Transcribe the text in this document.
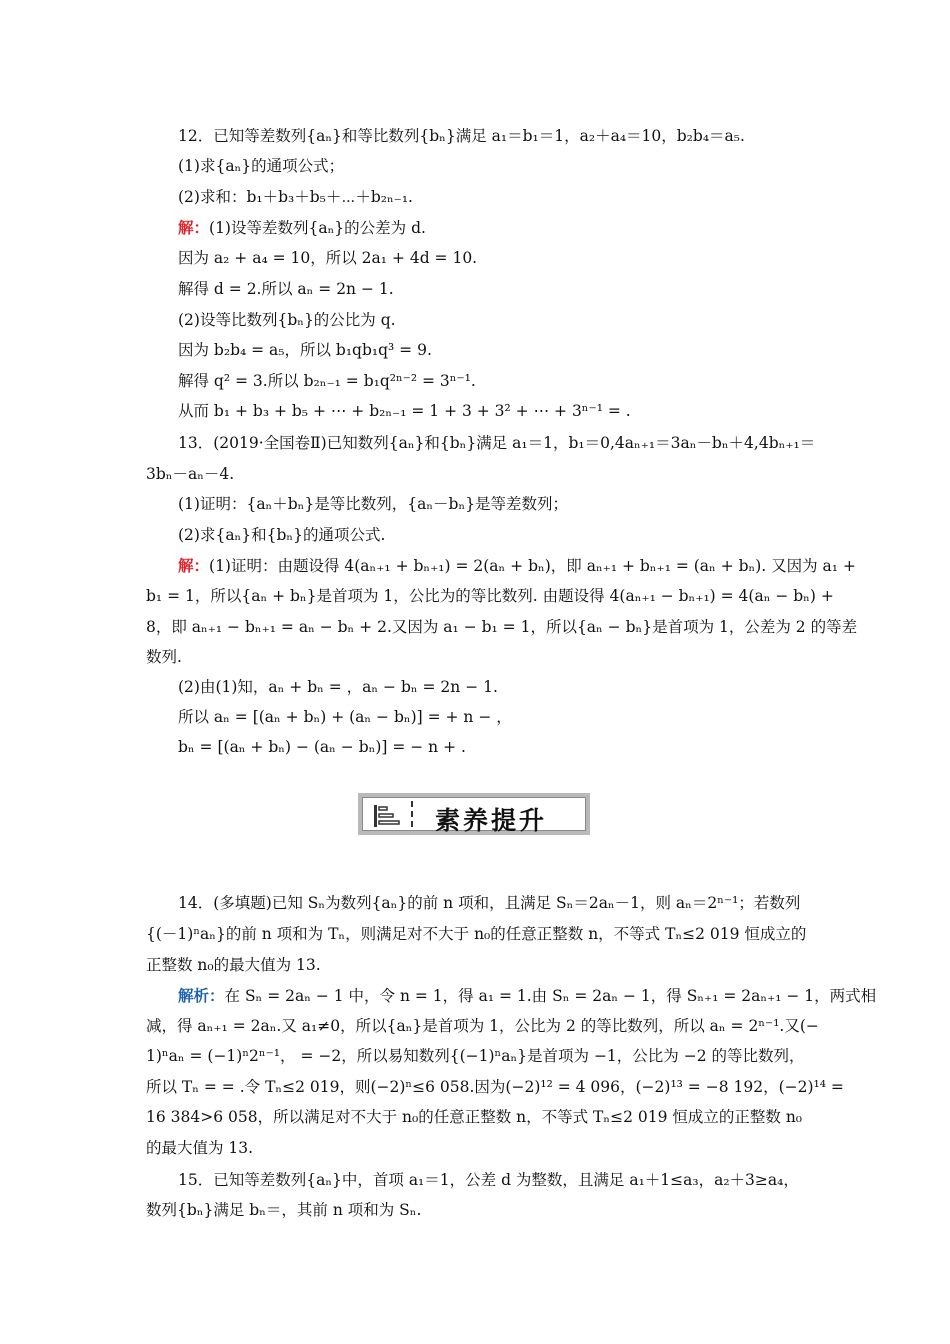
12．已知等差数列{aₙ}和等比数列{bₙ}满足 a₁＝b₁＝1，a₂＋a₄＝10，b₂b₄＝a₅.
(1)求{aₙ}的通项公式；
(2)求和：b₁＋b₃＋b₅＋⋯＋b₂ₙ₋₁.
解：(1)设等差数列{aₙ}的公差为 d.
因为 a₂ + a₄ = 10，所以 2a₁ + 4d = 10.
解得 d = 2.所以 aₙ = 2n − 1.
(2)设等比数列{bₙ}的公比为 q.
因为 b₂b₄ = a₅，所以 b₁qb₁q³ = 9.
解得 q² = 3.所以 b₂ₙ₋₁ = b₁q²ⁿ⁻² = 3ⁿ⁻¹.
从而 b₁ + b₃ + b₅ + ⋯ + b₂ₙ₋₁ = 1 + 3 + 3² + ⋯ + 3ⁿ⁻¹ = .
13．(2019·全国卷Ⅱ)已知数列{aₙ}和{bₙ}满足 a₁＝1，b₁＝0,4aₙ₊₁＝3aₙ－bₙ＋4,4bₙ₊₁＝
3bₙ－aₙ－4.
(1)证明：{aₙ＋bₙ}是等比数列，{aₙ－bₙ}是等差数列；
(2)求{aₙ}和{bₙ}的通项公式.
解：(1)证明：由题设得 4(aₙ₊₁ + bₙ₊₁) = 2(aₙ + bₙ)，即 aₙ₊₁ + bₙ₊₁ = (aₙ + bₙ). 又因为 a₁ +
b₁ = 1，所以{aₙ + bₙ}是首项为 1，公比为的等比数列. 由题设得 4(aₙ₊₁ − bₙ₊₁) = 4(aₙ − bₙ) +
8，即 aₙ₊₁ − bₙ₊₁ = aₙ − bₙ + 2.又因为 a₁ − b₁ = 1，所以{aₙ − bₙ}是首项为 1，公差为 2 的等差
数列.
(2)由(1)知，aₙ + bₙ = ，aₙ − bₙ = 2n − 1.
所以 aₙ = [(aₙ + bₙ) + (aₙ − bₙ)] = + n − ，
bₙ = [(aₙ + bₙ) − (aₙ − bₙ)] = − n + .
14．(多填题)已知 Sₙ为数列{aₙ}的前 n 项和，且满足 Sₙ＝2aₙ－1，则 aₙ＝2ⁿ⁻¹；若数列
{(－1)ⁿaₙ}的前 n 项和为 Tₙ，则满足对不大于 n₀的任意正整数 n，不等式 Tₙ≤2 019 恒成立的
正整数 n₀的最大值为 13.
解析：在 Sₙ = 2aₙ − 1 中，令 n = 1，得 a₁ = 1.由 Sₙ = 2aₙ − 1，得 Sₙ₊₁ = 2aₙ₊₁ − 1，两式相
减，得 aₙ₊₁ = 2aₙ.又 a₁≠0，所以{aₙ}是首项为 1，公比为 2 的等比数列，所以 aₙ = 2ⁿ⁻¹.又(−
1)ⁿaₙ = (−1)ⁿ2ⁿ⁻¹， = −2，所以易知数列{(−1)ⁿaₙ}是首项为 −1，公比为 −2 的等比数列，
所以 Tₙ = = .令 Tₙ≤2 019，则(−2)ⁿ≤6 058.因为(−2)¹² = 4 096，(−2)¹³ = −8 192，(−2)¹⁴ =
16 384>6 058，所以满足对不大于 n₀的任意正整数 n，不等式 Tₙ≤2 019 恒成立的正整数 n₀
的最大值为 13.
15．已知等差数列{aₙ}中，首项 a₁＝1，公差 d 为整数，且满足 a₁＋1≤a₃，a₂＋3≥a₄，
数列{bₙ}满足 bₙ＝，其前 n 项和为 Sₙ.
素养提升
